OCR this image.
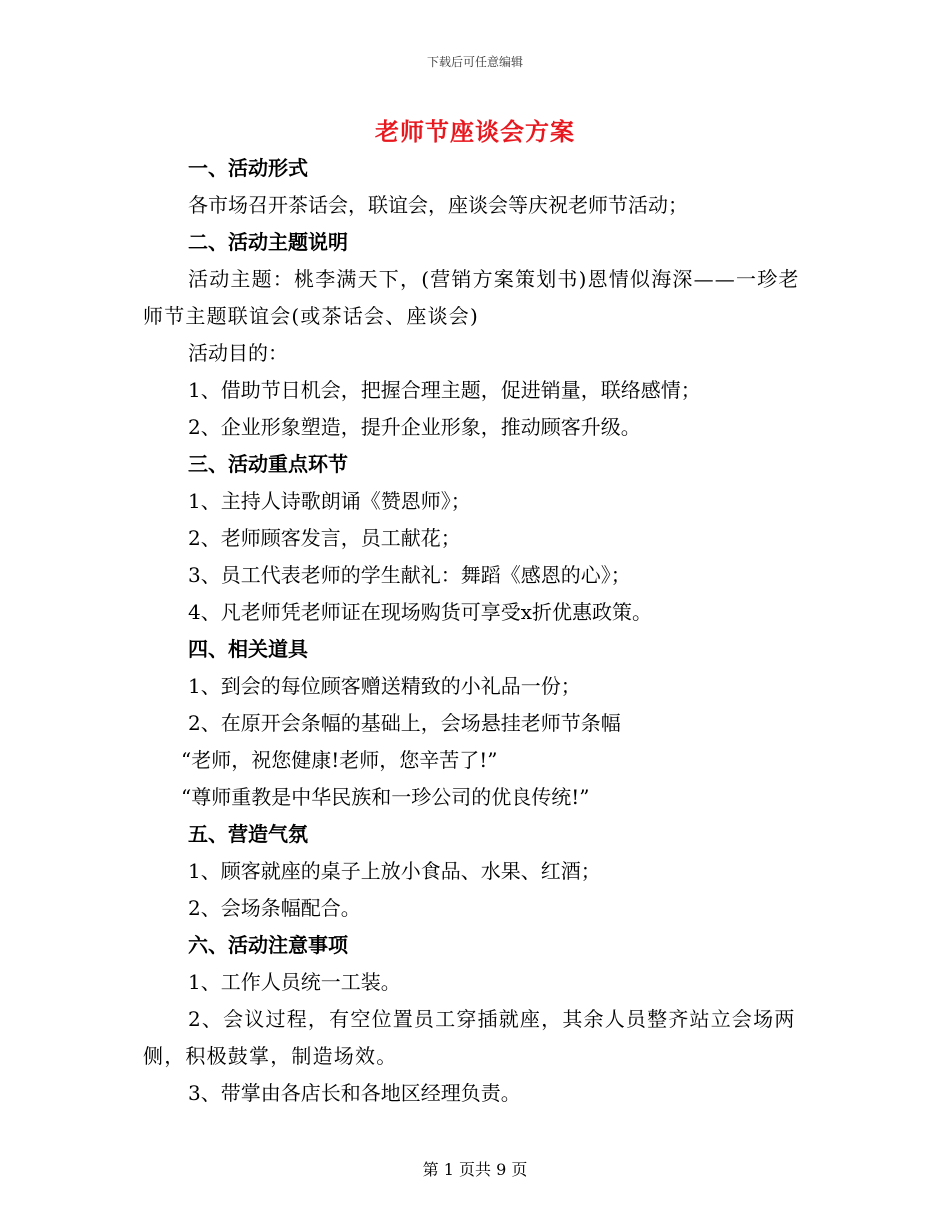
下载后可任意编辑
老师节座谈会方案
一、活动形式
各市场召开茶话会，联谊会，座谈会等庆祝老师节活动；
二、活动主题说明
活动主题：桃李满天下，(营销方案策划书)恩情似海深——一珍老师节主题联谊会(或茶话会、座谈会)
活动目的：
1、借助节日机会，把握合理主题，促进销量，联络感情；
2、企业形象塑造，提升企业形象，推动顾客升级。
三、活动重点环节
1、主持人诗歌朗诵《赞恩师》；
2、老师顾客发言，员工献花；
3、员工代表老师的学生献礼：舞蹈《感恩的心》；
4、凡老师凭老师证在现场购货可享受x折优惠政策。
四、相关道具
1、到会的每位顾客赠送精致的小礼品一份；
2、在原开会条幅的基础上，会场悬挂老师节条幅
“老师，祝您健康!老师，您辛苦了!”
“尊师重教是中华民族和一珍公司的优良传统!”
五、营造气氛
1、顾客就座的桌子上放小食品、水果、红酒；
2、会场条幅配合。
六、活动注意事项
1、工作人员统一工装。
2、会议过程，有空位置员工穿插就座，其余人员整齐站立会场两侧，积极鼓掌，制造场效。
3、带掌由各店长和各地区经理负责。
第 1 页共 9 页
